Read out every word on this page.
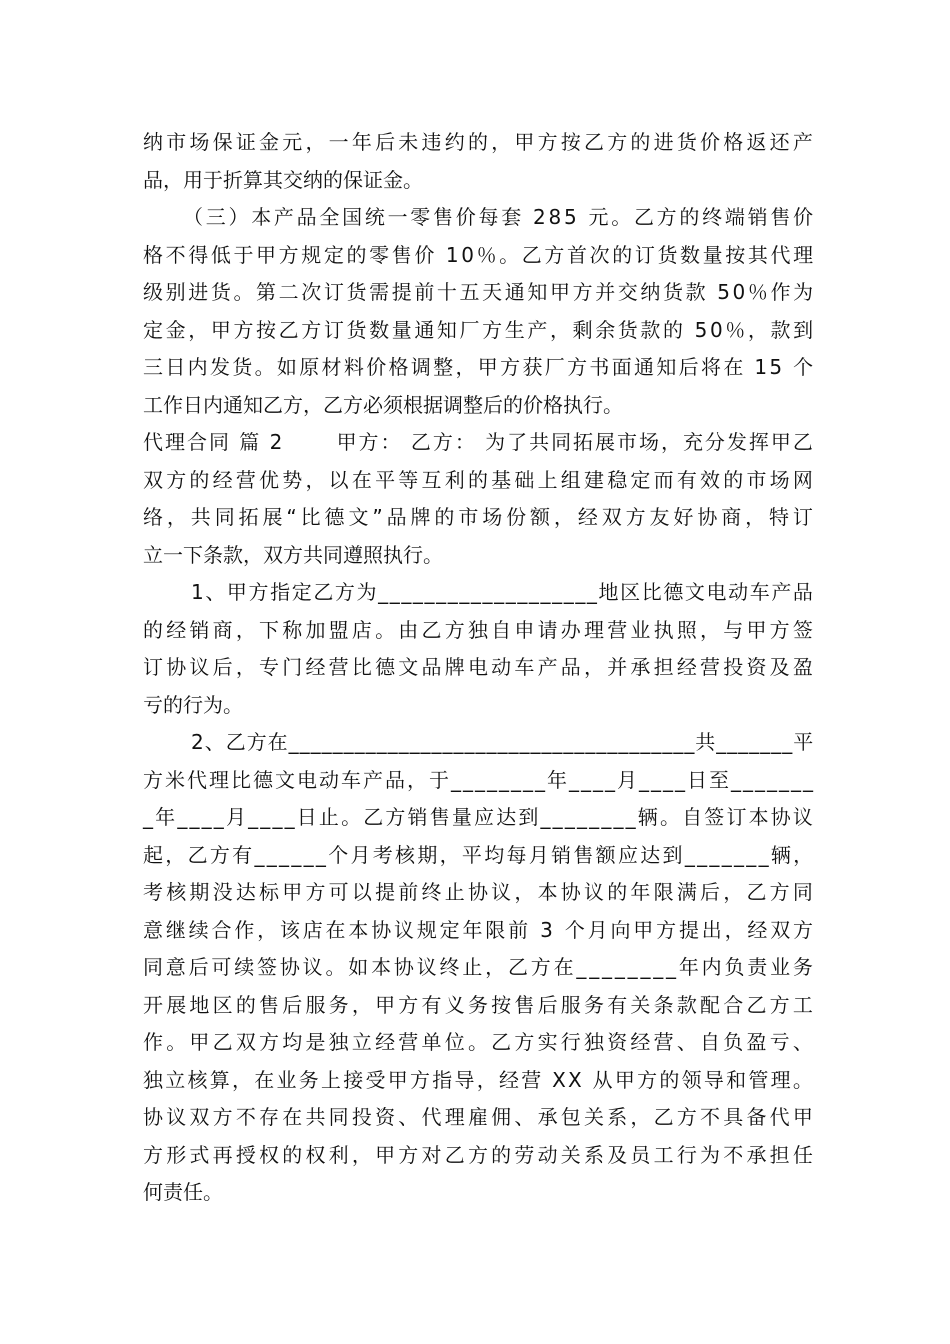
纳市场保证金元，一年后未违约的，甲方按乙方的进货价格返还产
品，用于折算其交纳的保证金。
（三）本产品全国统一零售价每套 285 元。乙方的终端销售价
格不得低于甲方规定的零售价 10％。乙方首次的订货数量按其代理
级别进货。第二次订货需提前十五天通知甲方并交纳货款 50％作为
定金，甲方按乙方订货数量通知厂方生产，剩余货款的 50％，款到
三日内发货。如原材料价格调整，甲方获厂方书面通知后将在 15 个
工作日内通知乙方，乙方必须根据调整后的价格执行。
代理合同 篇 2　　 甲方： 乙方： 为了共同拓展市场，充分发挥甲乙
双方的经营优势，以在平等互利的基础上组建稳定而有效的市场网
络，共同拓展“比德文”品牌的市场份额，经双方友好协商，特订
立一下条款，双方共同遵照执行。
1、甲方指定乙方为___________________地区比德文电动车产品
的经销商，下称加盟店。由乙方独自申请办理营业执照，与甲方签
订协议后，专门经营比德文品牌电动车产品，并承担经营投资及盈
亏的行为。
2、乙方在_____________________________________共_______平
方米代理比德文电动车产品，于________年____月____日至_______
_年____月____日止。乙方销售量应达到________辆。自签订本协议
起，乙方有______个月考核期，平均每月销售额应达到_______辆，
考核期没达标甲方可以提前终止协议，本协议的年限满后，乙方同
意继续合作，该店在本协议规定年限前 3 个月向甲方提出，经双方
同意后可续签协议。如本协议终止，乙方在________年内负责业务
开展地区的售后服务，甲方有义务按售后服务有关条款配合乙方工
作。甲乙双方均是独立经营单位。乙方实行独资经营、自负盈亏、
独立核算，在业务上接受甲方指导，经营 XX 从甲方的领导和管理。
协议双方不存在共同投资、代理雇佣、承包关系，乙方不具备代甲
方形式再授权的权利，甲方对乙方的劳动关系及员工行为不承担任
何责任。
